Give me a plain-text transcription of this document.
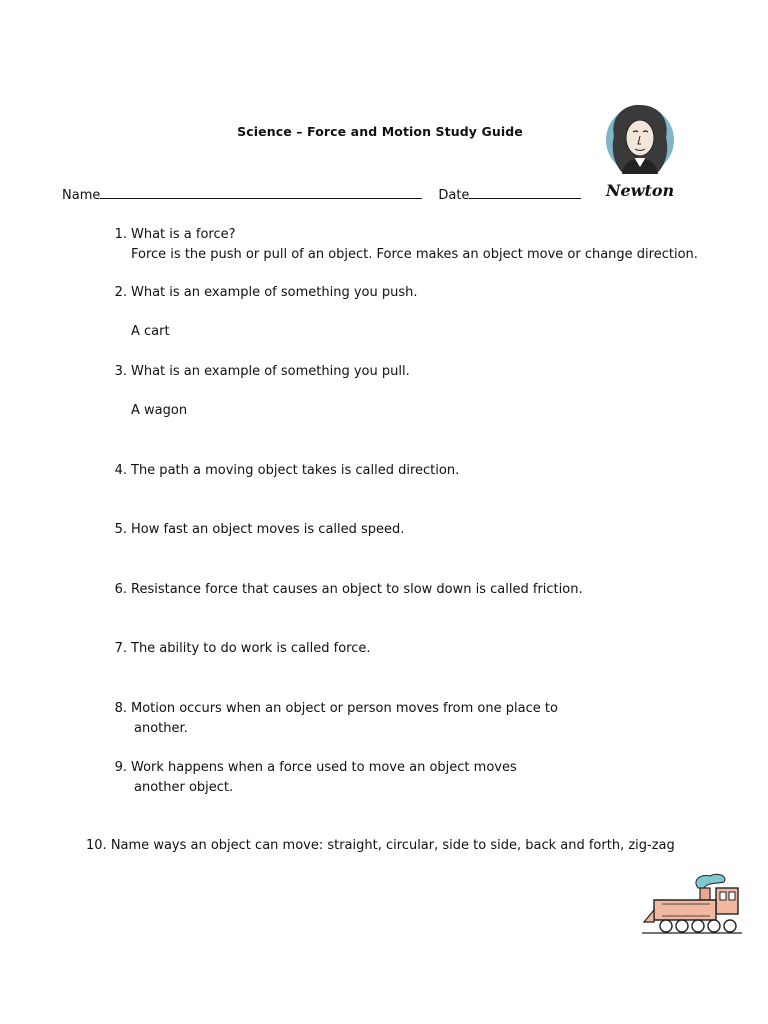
Science – Force and Motion Study Guide
Name	Date	Newton
1. What is a force?
Force is the push or pull of an object. Force makes an object move or change direction.
2. What is an example of something you push.
A cart
3. What is an example of something you pull.
A wagon
4. The path a moving object takes is called direction.
5. How fast an object moves is called speed.
6. Resistance force that causes an object to slow down is called friction.
7. The ability to do work is called force.
8. Motion occurs when an object or person moves from one place to
another.
9. Work happens when a force used to move an object moves
another object.
10. Name ways an object can move: straight, circular, side to side, back and forth, zig-zag
